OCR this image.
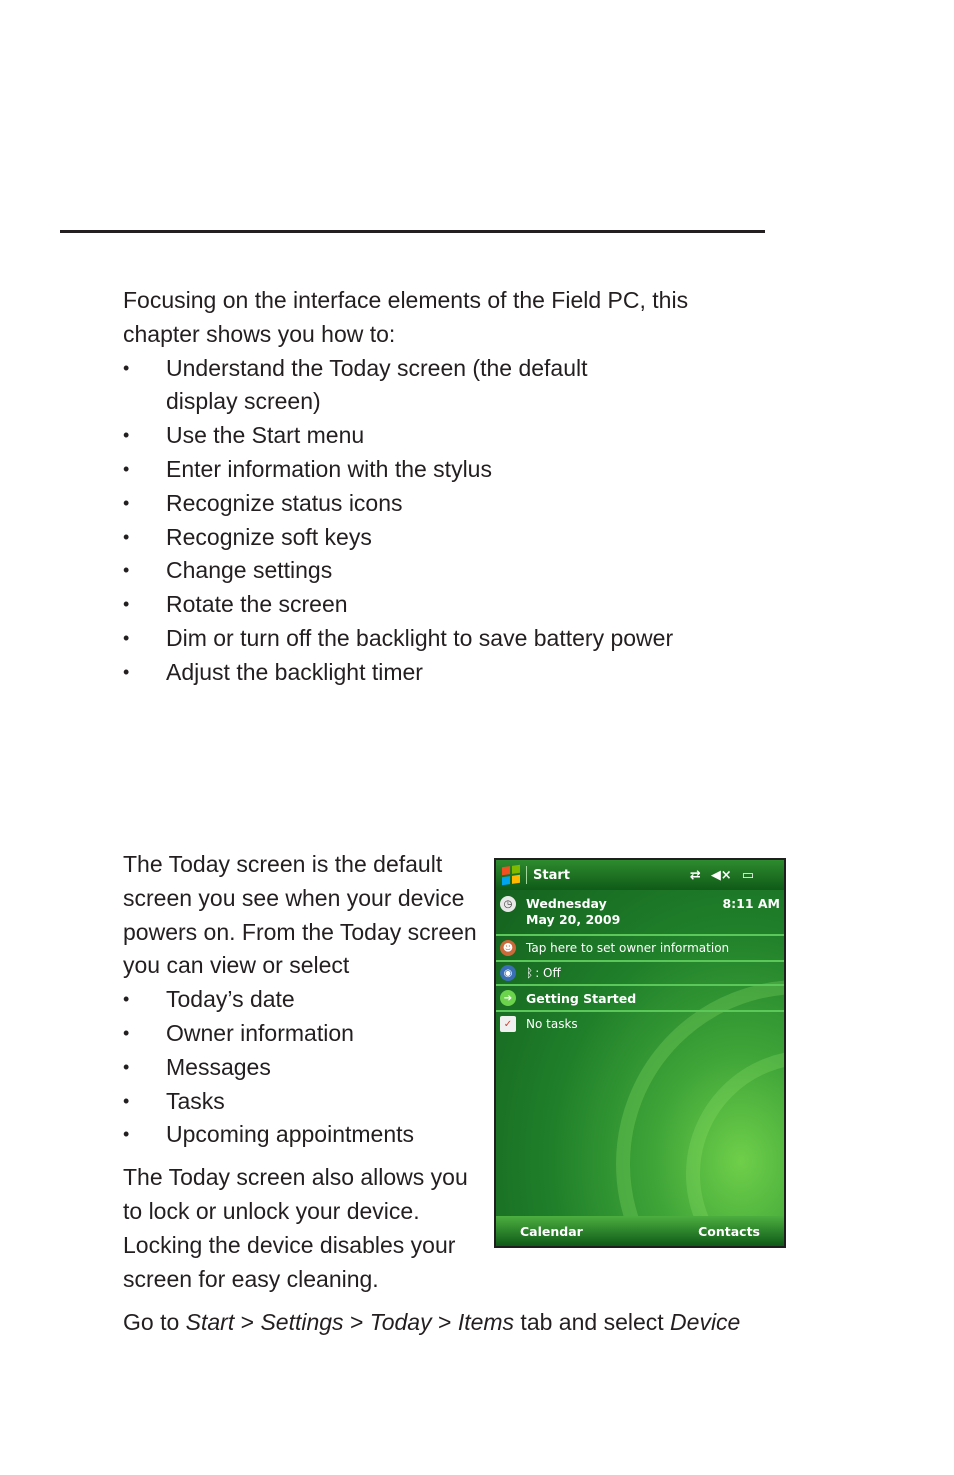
Focusing on the interface elements of the Field PC, this chapter shows you how to:

• Understand the Today screen (the default display screen)
• Use the Start menu
• Enter information with the stylus
• Recognize status icons
• Recognize soft keys
• Change settings
• Rotate the screen
• Dim or turn off the backlight to save battery power
• Adjust the backlight timer

The Today screen is the default screen you see when your device powers on. From the Today screen you can view or select

• Today’s date
• Owner information
• Messages
• Tasks
• Upcoming appointments

The Today screen also allows you to lock or unlock your device. Locking the device disables your screen for easy cleaning.

Go to Start > Settings > Today > Items tab and select Device

Start	⇄ ◀× ▭
◷ Wednesday
May 20, 2009
8:11 AM
☻ Tap here to set owner information
◉	ᛒ : Off
➔	Getting Started
✓	No tasks
Calendar	Contacts
